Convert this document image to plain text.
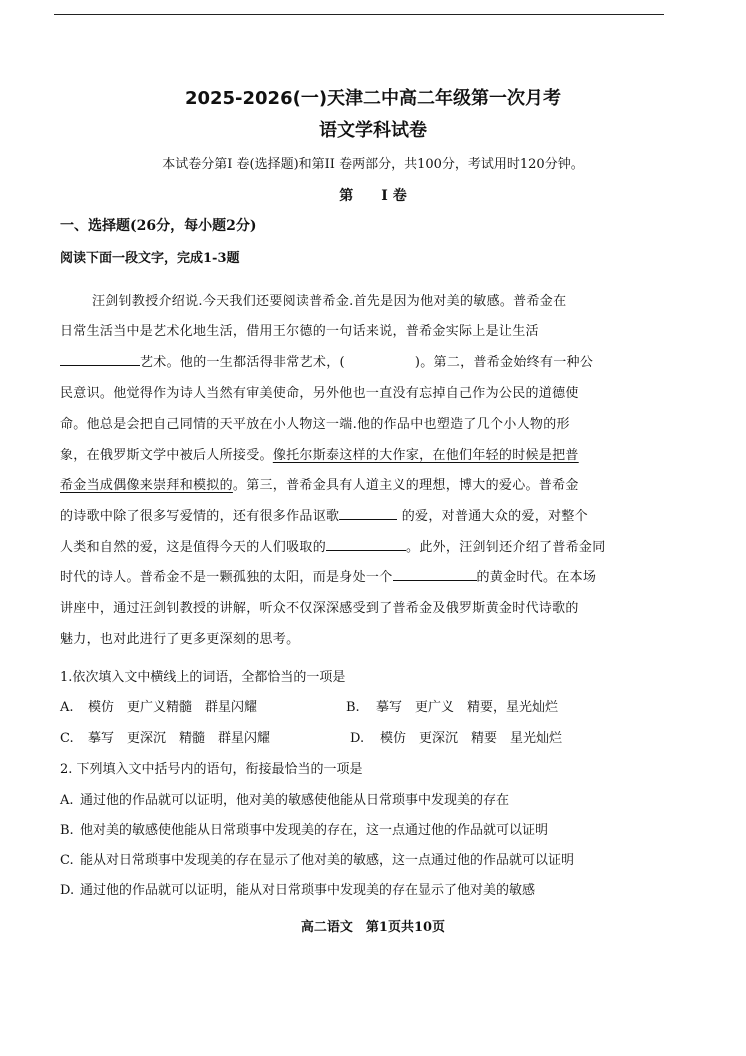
2025-2026(一)天津二中高二年级第一次月考
语文学科试卷
本试卷分第I 卷(选择题)和第II 卷两部分，共100分，考试用时120分钟。
第 I 卷
一、选择题(26分，每小题2分)
阅读下面一段文字，完成1-3题
汪剑钊教授介绍说.今天我们还要阅读普希金.首先是因为他对美的敏感。普希金在
日常生活当中是艺术化地生活，借用王尔德的一句话来说，普希金实际上是让生活
艺术。他的一生都活得非常艺术，(	)。第二，普希金始终有一种公
民意识。他觉得作为诗人当然有审美使命，另外他也一直没有忘掉自己作为公民的道德使
命。他总是会把自己同情的天平放在小人物这一端.他的作品中也塑造了几个小人物的形
象，在俄罗斯文学中被后人所接受。像托尔斯泰这样的大作家，在他们年轻的时候是把普
希金当成偶像来崇拜和模拟的。第三，普希金具有人道主义的理想，博大的爱心。普希金
的诗歌中除了很多写爱情的，还有很多作品讴歌	的爱，对普通大众的爱，对整个
人类和自然的爱，这是值得今天的人们吸取的	。此外，汪剑钊还介绍了普希金同
时代的诗人。普希金不是一颗孤独的太阳，而是身处一个	的黄金时代。在本场
讲座中，通过汪剑钊教授的讲解，听众不仅深深感受到了普希金及俄罗斯黄金时代诗歌的
魅力，也对此进行了更多更深刻的思考。
1.依次填入文中横线上的词语，全都恰当的一项是
A. 模仿　更广义精髓　群星闪耀	B. 摹写　更广义　精要，星光灿烂
C. 摹写　更深沉　精髓　群星闪耀	D. 模仿　更深沉　精要　星光灿烂
2. 下列填入文中括号内的语句，衔接最恰当的一项是
A. 通过他的作品就可以证明，他对美的敏感使他能从日常琐事中发现美的存在
B. 他对美的敏感使他能从日常琐事中发现美的存在，这一点通过他的作品就可以证明
C. 能从对日常琐事中发现美的存在显示了他对美的敏感，这一点通过他的作品就可以证明
D. 通过他的作品就可以证明，能从对日常琐事中发现美的存在显示了他对美的敏感
高二语文　第1页共10页
